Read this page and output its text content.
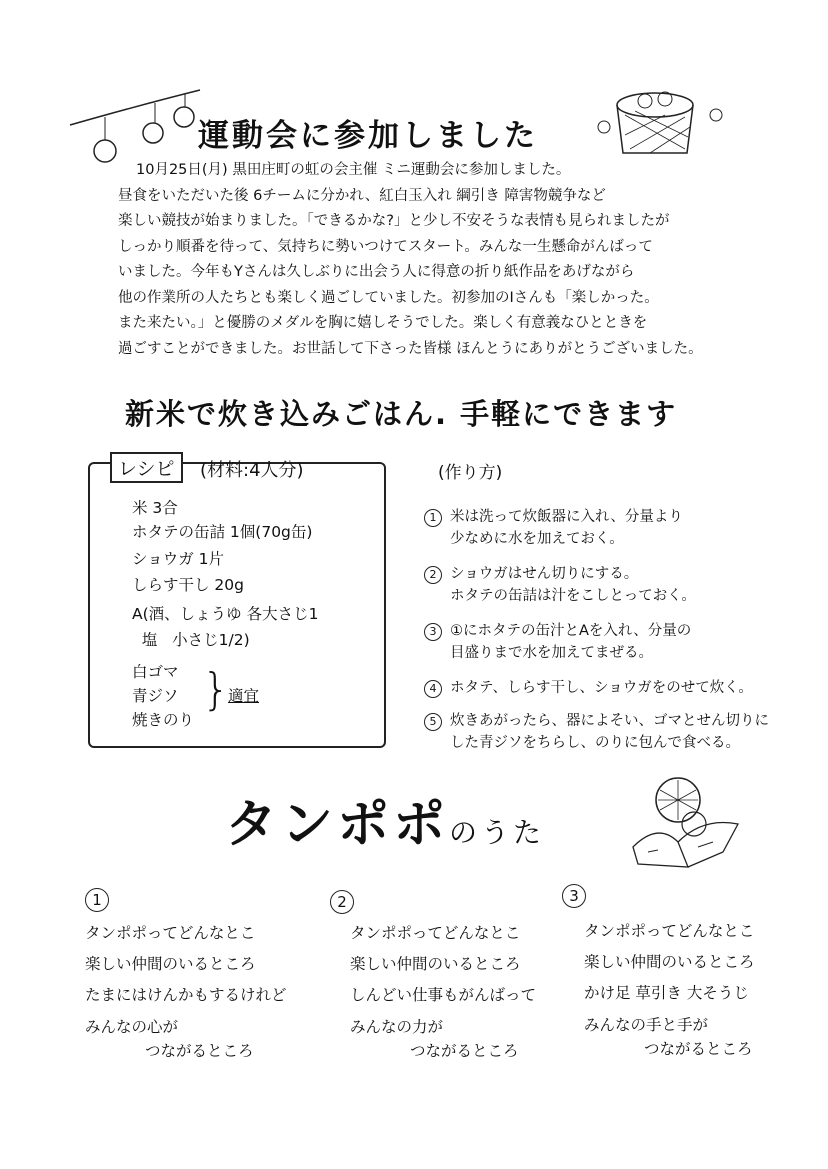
運動会に参加しました
10月25日(月) 黒田庄町の虹の会主催 ミニ運動会に参加しました。
昼食をいただいた後 6チームに分かれ、紅白玉入れ 綱引き 障害物競争など
楽しい競技が始まりました。「できるかな?」と少し不安そうな表情も見られましたが
しっかり順番を待って、気持ちに勢いつけてスタート。みんな一生懸命がんばって
いました。今年もYさんは久しぶりに出会う人に得意の折り紙作品をあげながら
他の作業所の人たちとも楽しく過ごしていました。初参加のIさんも「楽しかった。
また来たい。」と優勝のメダルを胸に嬉しそうでした。楽しく有意義なひとときを
過ごすことができました。お世話して下さった皆様 ほんとうにありがとうございました。
新米で炊き込みごはん. 手軽にできます
レシピ	(材料:4人分)
米 3合
ホタテの缶詰 1個(70g缶)
ショウガ 1片
しらす干し 20g
A(酒、しょうゆ 各大さじ1
塩   小さじ1/2)
白ゴマ
青ジソ
焼きのり
}
適宜
(作り方)
1 米は洗って炊飯器に入れ、分量より
少なめに水を加えておく。
2 ショウガはせん切りにする。
ホタテの缶詰は汁をこしとっておく。
3 ①にホタテの缶汁とAを入れ、分量の
目盛りまで水を加えてまぜる。
4 ホタテ、しらす干し、ショウガをのせて炊く。
5 炊きあがったら、器によそい、ゴマとせん切りに
した青ジソをちらし、のりに包んで食べる。
タンポポのうた
1
タンポポってどんなとこ
楽しい仲間のいるところ
たまにはけんかもするけれど
みんなの心が
つながるところ
2
タンポポってどんなとこ
楽しい仲間のいるところ
しんどい仕事もがんばって
みんなの力が
つながるところ
3
タンポポってどんなとこ
楽しい仲間のいるところ
かけ足 草引き 大そうじ
みんなの手と手が
つながるところ
